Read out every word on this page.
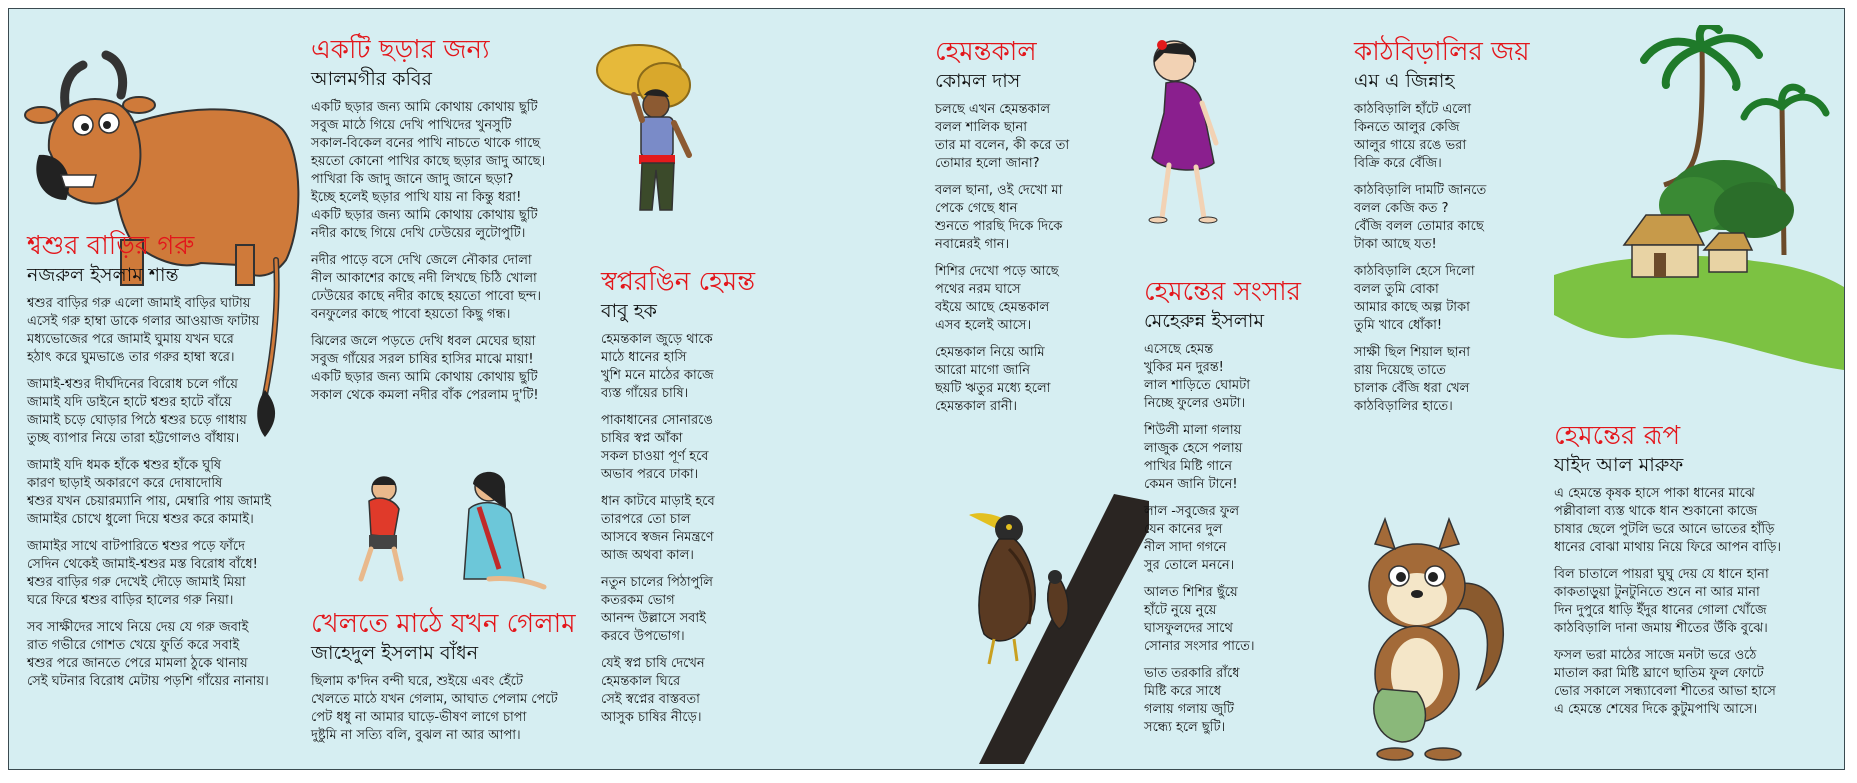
শ্বশুর বাড়ির গরু
নজরুল ইসলাম শান্ত
শ্বশুর বাড়ির গরু এলো জামাই বাড়ির ঘাটায়
এসেই গরু হাম্বা ডাকে গলার আওয়াজ ফাটায়
মধ্যভোজের পরে জামাই ঘুমায় যখন ঘরে
হঠাৎ করে ঘুমভাঙে তার গরুর হাম্বা স্বরে।
জামাই-শ্বশুর দীর্ঘদিনের বিরোধ চলে গাঁয়ে
জামাই যদি ডাইনে হাটে শ্বশুর হাটে বাঁয়ে
জামাই চড়ে ঘোড়ার পিঠে শ্বশুর চড়ে গাধায়
তুচ্ছ ব্যাপার নিয়ে তারা হট্টগোলও বাঁধায়।
জামাই যদি ধমক হাঁকে শ্বশুর হাঁকে ঘুষি
কারণ ছাড়াই অকারণে করে দোষাদোষি
শ্বশুর যখন চেয়ারম্যানি পায়, মেম্বারি পায় জামাই
জামাইর চোখে ধুলো দিয়ে শ্বশুর করে কামাই।
জামাইর সাথে বাটপারিতে শ্বশুর পড়ে ফাঁদে
সেদিন থেকেই জামাই-শ্বশুর মস্ত বিরোধ বাঁধে!
শ্বশুর বাড়ির গরু দেখেই দৌড়ে জামাই মিয়া
ঘরে ফিরে শ্বশুর বাড়ির হালের গরু নিয়া।
সব সাক্ষীদের সাথে নিয়ে দেয় যে গরু জবাই
রাত গভীরে গোশত খেয়ে ফুর্তি করে সবাই
শ্বশুর পরে জানতে পেরে মামলা ঠুকে থানায়
সেই ঘটনার বিরোধ মেটায় পড়শি গাঁয়ের নানায়।
একটি ছড়ার জন্য
আলমগীর কবির
একটি ছড়ার জন্য আমি কোথায় কোথায় ছুটি
সবুজ মাঠে গিয়ে দেখি পাখিদের খুনসুটি
সকাল-বিকেল বনের পাখি নাচতে থাকে গাছে
হয়তো কোনো পাখির কাছে ছড়ার জাদু আছে।
পাখিরা কি জাদু জানে জাদু জানে ছড়া?
ইচ্ছে হলেই ছড়ার পাখি যায় না কিন্তু ধরা!
একটি ছড়ার জন্য আমি কোথায় কোথায় ছুটি
নদীর কাছে গিয়ে দেখি ঢেউয়ের লুটোপুটি।
নদীর পাড়ে বসে দেখি জেলে নৌকার দোলা
নীল আকাশের কাছে নদী লিখছে চিঠি খোলা
ঢেউয়ের কাছে নদীর কাছে হয়তো পাবো ছন্দ।
বনফুলের কাছে পাবো হয়তো কিছু গন্ধ।
ঝিলের জলে পড়তে দেখি ধবল মেঘের ছায়া
সবুজ গাঁয়ের সরল চাষির হাসির মাঝে মায়া!
একটি ছড়ার জন্য আমি কোথায় কোথায় ছুটি
সকাল থেকে কমলা নদীর বাঁক পেরলাম দু'টি!
খেলতে মাঠে যখন গেলাম
জাহেদুল ইসলাম বাঁধন
ছিলাম ক'দিন বন্দী ঘরে, শুইয়ে এবং হেঁটে
খেলতে মাঠে যখন গেলাম, আঘাত পেলাম পেটে
পেট ধধু না আমার ঘাড়ে-ভীষণ লাগে চাপা
দুষ্টুমি না সত্যি বলি, বুঝল না আর আপা।
স্বপ্নরঙিন হেমন্ত
বাবু হক
হেমন্তকাল জুড়ে থাকে
মাঠে ধানের হাসি
খুশি মনে মাঠের কাজে
ব্যস্ত গাঁয়ের চাষি।
পাকাধানের সোনারঙে
চাষির স্বপ্ন আঁকা
সকল চাওয়া পূর্ণ হবে
অভাব পরবে ঢাকা।
ধান কাটবে মাড়াই হবে
তারপরে তো চাল
আসবে স্বজন নিমন্ত্রণে
আজ অথবা কাল।
নতুন চালের পিঠাপুলি
কতরকম ভোগ
আনন্দ উল্লাসে সবাই
করবে উপভোগ।
যেই স্বপ্ন চাষি দেখেন
হেমন্তকাল ঘিরে
সেই স্বপ্নের বাস্তবতা
আসুক চাষির নীড়ে।
হেমন্তকাল
কোমল দাস
চলছে এখন হেমন্তকাল
বলল শালিক ছানা
তার মা বলেন, কী করে তা
তোমার হলো জানা?
বলল ছানা, ওই দেখো মা
পেকে গেছে ধান
শুনতে পারছি দিকে দিকে
নবান্নেরই গান।
শিশির দেখো পড়ে আছে
পথের নরম ঘাসে
বইয়ে আছে হেমন্তকাল
এসব হলেই আসে।
হেমন্তকাল নিয়ে আমি
আরো মাগো জানি
ছয়টি ঋতুর মধ্যে হলো
হেমন্তকাল রানী।
হেমন্তের সংসার
মেহেরুন্ন ইসলাম
এসেছে হেমন্ত
খুকির মন দুরন্ত!
লাল শাড়িতে ঘোমটা
নিচ্ছে ফুলের ওমটা।
শিউলী মালা গলায়
লাজুক হেসে পলায়
পাখির মিষ্টি গানে
কেমন জানি টানে!
লাল -সবুজের ফুল
যেন কানের দুল
নীল সাদা গগনে
সুর তোলে মননে।
আলত শিশির ছুঁয়ে
হাঁটে নুয়ে নুয়ে
ঘাসফুলদের সাথে
সোনার সংসার পাতে।
ভাত তরকারি রাঁধে
মিষ্টি করে সাধে
গলায় গলায় জুটি
সন্ধ্যে হলে ছুটি।
কাঠবিড়ালির জয়
এম এ জিন্নাহ
কাঠবিড়ালি হাঁটে এলো
কিনতে আলুর কেজি
আলুর গায়ে রঙে ভরা
বিক্রি করে বেঁজি।
কাঠবিড়ালি দামটি জানতে
বলল কেজি কত ?
বেঁজি বলল তোমার কাছে
টাকা আছে যত!
কাঠবিড়ালি হেসে দিলো
বলল তুমি বোকা
আমার কাছে অল্প টাকা
তুমি খাবে ধোঁকা!
সাক্ষী ছিল শিয়াল ছানা
রায় দিয়েছে তাতে
চালাক বেঁজি ধরা খেল
কাঠবিড়ালির হাতে।
হেমন্তের রূপ
যাইদ আল মারুফ
এ হেমন্তে কৃষক হাসে পাকা ধানের মাঝে
পল্লীবালা ব্যস্ত থাকে ধান শুকানো কাজে
চাষার ছেলে পুটলি ভরে আনে ভাতের হাঁড়ি
ধানের বোঝা মাথায় নিয়ে ফিরে আপন বাড়ি।
বিল চাতালে পায়রা ঘুঘু দেয় যে ধানে হানা
কাকতাড়ুয়া টুনটুনিতে শুনে না আর মানা
দিন দুপুরে ধাড়ি ইঁদুর ধানের গোলা খোঁজে
কাঠবিড়ালি দানা জমায় শীতের উঁকি বুঝে।
ফসল ভরা মাঠের সাজে মনটা ভরে ওঠে
মাতাল করা মিষ্টি ঘ্রাণে ছাতিম ফুল ফোটে
ভোর সকালে সন্ধ্যাবেলা শীতের আভা হাসে
এ হেমন্তে শেষের দিকে কুটুমপাখি আসে।
